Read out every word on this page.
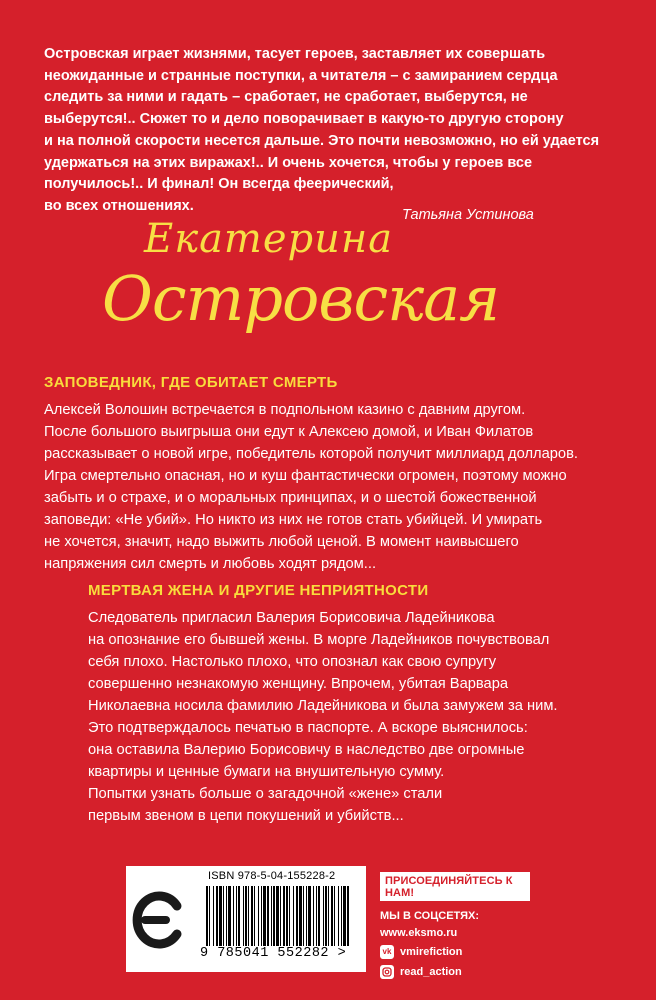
Островская играет жизнями, тасует героев, заставляет их совершать
неожиданные и странные поступки, а читателя – с замиранием сердца
следить за ними и гадать – сработает, не сработает, выберутся, не
выберутся!.. Сюжет то и дело поворачивает в какую-то другую сторону
и на полной скорости несется дальше. Это почти невозможно, но ей удается
удержаться на этих виражах!.. И очень хочется, чтобы у героев все
получилось!.. И финал! Он всегда феерический,
во всех отношениях.
Татьяна Устинова
Екатерина
Островская
ЗАПОВЕДНИК, ГДЕ ОБИТАЕТ СМЕРТЬ
Алексей Волошин встречается в подпольном казино с давним другом.
После большого выигрыша они едут к Алексею домой, и Иван Филатов
рассказывает о новой игре, победитель которой получит миллиард долларов.
Игра смертельно опасная, но и куш фантастически огромен, поэтому можно
забыть и о страхе, и о моральных принципах, и о шестой божественной
заповеди: «Не убий». Но никто из них не готов стать убийцей. И умирать
не хочется, значит, надо выжить любой ценой. В момент наивысшего
напряжения сил смерть и любовь ходят рядом...
МЕРТВАЯ ЖЕНА И ДРУГИЕ НЕПРИЯТНОСТИ
Следователь пригласил Валерия Борисовича Ладейникова
на опознание его бывшей жены. В морге Ладейников почувствовал
себя плохо. Настолько плохо, что опознал как свою супругу
совершенно незнакомую женщину. Впрочем, убитая Варвара
Николаевна носила фамилию Ладейникова и была замужем за ним.
Это подтверждалось печатью в паспорте. А вскоре выяснилось:
она оставила Валерию Борисовичу в наследство две огромные
квартиры и ценные бумаги на внушительную сумму.
Попытки узнать больше о загадочной «жене» стали
первым звеном в цепи покушений и убийств...
ISBN 978-5-04-155228-2
9 785041 552282 >
ПРИСОЕДИНЯЙТЕСЬ К НАМ!
МЫ В СОЦСЕТЯХ:
www.eksmo.ru
vk vmirefiction
read_action
